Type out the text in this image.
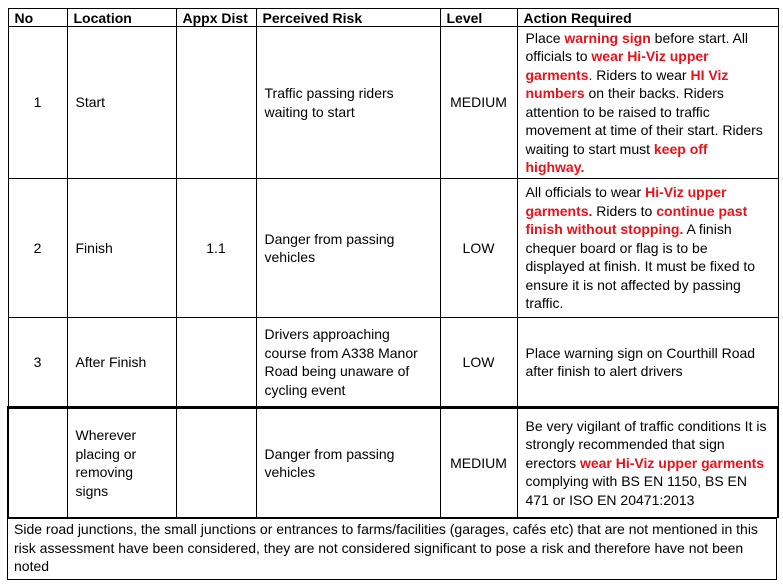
No	Location	Appx Dist	Perceived Risk	Level	Action Required
1	Start		Traffic passing riders waiting to start	MEDIUM	Place warning sign before start. All officials to wear Hi-Viz upper garments. Riders to wear HI Viz numbers on their backs. Riders attention to be raised to traffic movement at time of their start. Riders waiting to start must keep off highway.
2	Finish	1.1	Danger from passing vehicles	LOW	All officials to wear Hi-Viz upper garments. Riders to continue past finish without stopping. A finish chequer board or flag is to be displayed at finish. It must be fixed to ensure it is not affected by passing traffic.
3	After Finish		Drivers approaching course from A338 Manor Road being unaware of cycling event	LOW	Place warning sign on Courthill Road after finish to alert drivers
	Wherever placing or removing signs		Danger from passing vehicles	MEDIUM	Be very vigilant of traffic conditions It is strongly recommended that sign erectors wear Hi-Viz upper garments complying with BS EN 1150, BS EN 471 or ISO EN 20471:2013
Side road junctions, the small junctions or entrances to farms/facilities (garages, cafés etc) that are not mentioned in this risk assessment have been considered, they are not considered significant to pose a risk and therefore have not been noted
